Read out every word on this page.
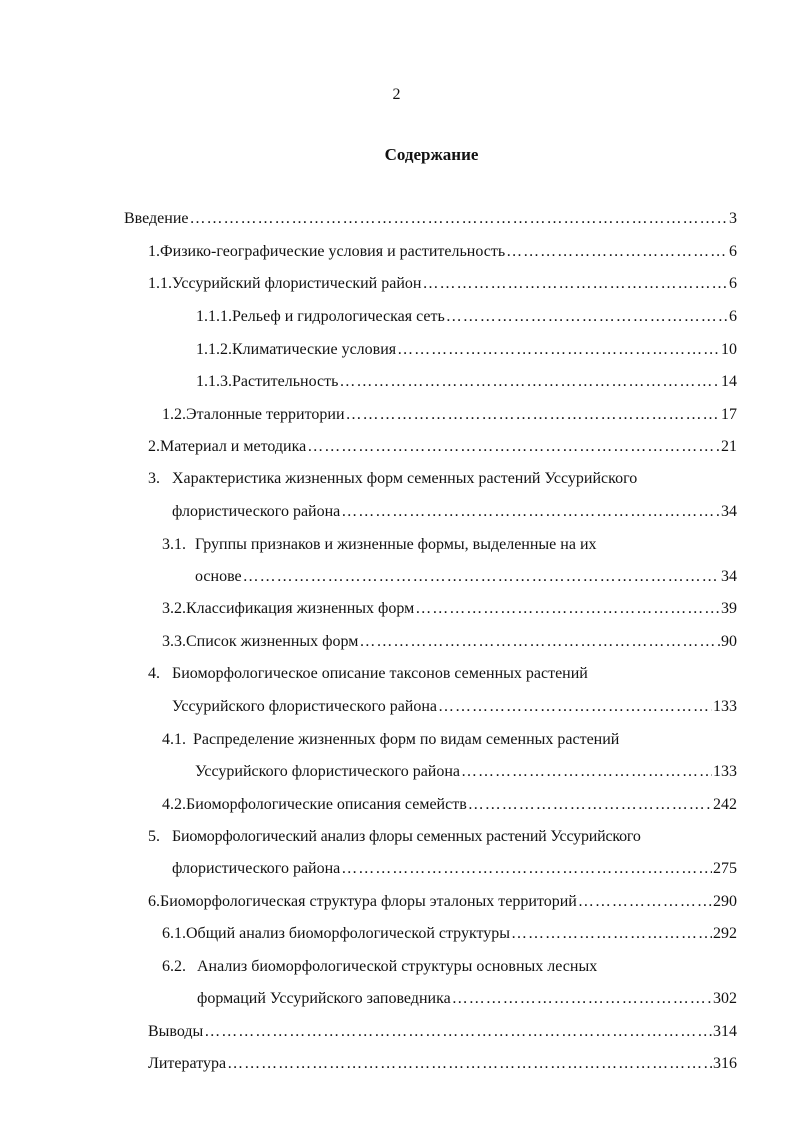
2
Содержание
Введение …………………………………………………………………………………………………………………………………………………	3
1. Физико-географические условия и растительность …………………………………………………………………………………………………………………………………………………	6
1.1. Уссурийский флористический район …………………………………………………………………………………………………………………………………………………	6
1.1.1. Рельеф и гидрологическая сеть …………………………………………………………………………………………………………………………………………………	6
1.1.2. Климатические условия …………………………………………………………………………………………………………………………………………………	10
1.1.3. Растительность …………………………………………………………………………………………………………………………………………………	14
1.2. Эталонные территории …………………………………………………………………………………………………………………………………………………	17
2. Материал и методика …………………………………………………………………………………………………………………………………………………	21
3. Характеристика жизненных форм семенных растений Уссурийского
флористического района …………………………………………………………………………………………………………………………………………………	34
3.1. Группы признаков и жизненные формы, выделенные на их
основе …………………………………………………………………………………………………………………………………………………	34
3.2. Классификация жизненных форм …………………………………………………………………………………………………………………………………………………	39
3.3. Список жизненных форм …………………………………………………………………………………………………………………………………………………	90
4. Биоморфологическое описание таксонов семенных растений
Уссурийского флористического района …………………………………………………………………………………………………………………………………………………	133
4.1. Распределение жизненных форм по видам семенных растений
Уссурийского флористического района …………………………………………………………………………………………………………………………………………………	133
4.2. Биоморфологические описания семейств …………………………………………………………………………………………………………………………………………………	242
5. Биоморфологический анализ флоры семенных растений Уссурийского
флористического района …………………………………………………………………………………………………………………………………………………	275
6. Биоморфологическая структура флоры эталоных территорий …………………………………………………………………………………………………………………………………………………	290
6.1. Общий анализ биоморфологической структуры …………………………………………………………………………………………………………………………………………………	292
6.2. Анализ биоморфологической структуры основных лесных
формаций Уссурийского заповедника …………………………………………………………………………………………………………………………………………………	302
Выводы …………………………………………………………………………………………………………………………………………………	314
Литература …………………………………………………………………………………………………………………………………………………	316
